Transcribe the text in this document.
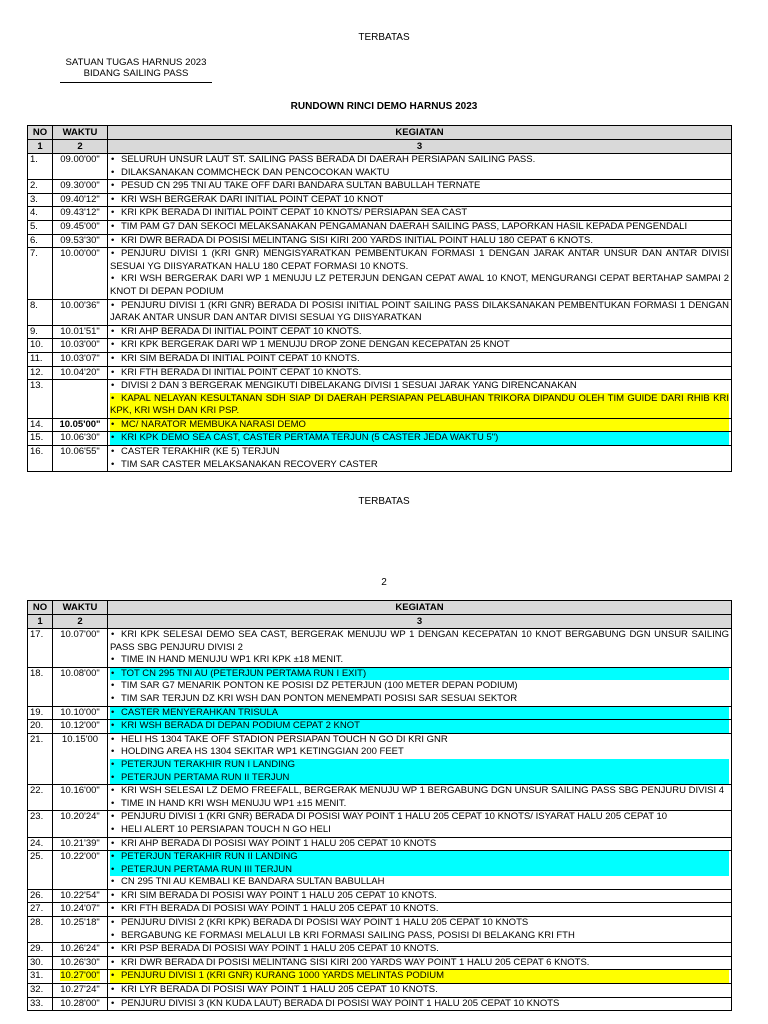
TERBATAS
SATUAN TUGAS HARNUS 2023
BIDANG SAILING PASS
RUNDOWN RINCI DEMO HARNUS 2023
NO	WAKTU	KEGIATAN
1	2	3
1.	09.00'00"	• SELURUH UNSUR LAUT ST. SAILING PASS BERADA DI DAERAH PERSIAPAN SAILING PASS.
• DILAKSANAKAN COMMCHECK DAN PENCOCOKAN WAKTU

2.	09.30'00"	• PESUD CN 295 TNI AU TAKE OFF DARI BANDARA SULTAN BABULLAH TERNATE

3.	09.40'12"	• KRI WSH BERGERAK DARI INITIAL POINT CEPAT 10 KNOT

4.	09.43'12"	• KRI KPK BERADA DI INITIAL POINT CEPAT 10 KNOTS/ PERSIAPAN SEA CAST

5.	09.45'00"	• TIM PAM G7 DAN SEKOCI MELAKSANAKAN PENGAMANAN DAERAH SAILING PASS, LAPORKAN HASIL KEPADA PENGENDALI

6.	09.53'30"	• KRI DWR BERADA DI POSISI MELINTANG SISI KIRI 200 YARDS INITIAL POINT HALU 180 CEPAT 6 KNOTS.

7.	10.00'00"	• PENJURU DIVISI 1 (KRI GNR) MENGISYARATKAN PEMBENTUKAN FORMASI 1 DENGAN JARAK ANTAR UNSUR DAN ANTAR DIVISI SESUAI YG DIISYARATKAN HALU 180 CEPAT FORMASI 10 KNOTS.
• KRI WSH BERGERAK DARI WP 1 MENUJU LZ PETERJUN DENGAN CEPAT AWAL 10 KNOT, MENGURANGI CEPAT BERTAHAP SAMPAI 2 KNOT DI DEPAN PODIUM

8.	10.00'36"	• PENJURU DIVISI 1 (KRI GNR) BERADA DI POSISI INITIAL POINT SAILING PASS DILAKSANAKAN PEMBENTUKAN FORMASI 1 DENGAN JARAK ANTAR UNSUR DAN ANTAR DIVISI SESUAI YG DIISYARATKAN

9.	10.01'51"	• KRI AHP BERADA DI INITIAL POINT CEPAT 10 KNOTS.

10.	10.03'00"	• KRI KPK BERGERAK DARI WP 1 MENUJU DROP ZONE DENGAN KECEPATAN 25 KNOT

11.	10.03'07"	• KRI SIM BERADA DI INITIAL POINT CEPAT 10 KNOTS.

12.	10.04'20"	• KRI FTH BERADA DI INITIAL POINT CEPAT 10 KNOTS.

13.		• DIVISI 2 DAN 3 BERGERAK MENGIKUTI DIBELAKANG DIVISI 1 SESUAI JARAK YANG DIRENCANAKAN
• KAPAL NELAYAN KESULTANAN SDH SIAP DI DAERAH PERSIAPAN PELABUHAN TRIKORA DIPANDU OLEH TIM GUIDE DARI RHIB KRI KPK, KRI WSH DAN KRI PSP.

14.	10.05'00"	• MC/ NARATOR MEMBUKA NARASI DEMO

15.	10.06'30"	• KRI KPK DEMO SEA CAST, CASTER PERTAMA TERJUN (5 CASTER JEDA WAKTU 5")

16.	10.06'55"	• CASTER TERAKHIR (KE 5) TERJUN
• TIM SAR CASTER MELAKSANAKAN RECOVERY CASTER
TERBATAS
2
NO	WAKTU	KEGIATAN
1	2	3
17.	10.07'00"	• KRI KPK SELESAI DEMO SEA CAST, BERGERAK MENUJU WP 1 DENGAN KECEPATAN 10 KNOT BERGABUNG DGN UNSUR SAILING PASS SBG PENJURU DIVISI 2
• TIME IN HAND MENUJU WP1 KRI KPK ±18 MENIT.

18.	10.08'00"	• TOT CN 295 TNI AU (PETERJUN PERTAMA RUN I EXIT)
• TIM SAR G7 MENARIK PONTON KE POSISI DZ PETERJUN (100 METER DEPAN PODIUM)
• TIM SAR TERJUN DZ KRI WSH DAN PONTON MENEMPATI POSISI SAR SESUAI SEKTOR

19.	10.10'00"	• CASTER MENYERAHKAN TRISULA

20.	10.12'00"	• KRI WSH BERADA DI DEPAN PODIUM CEPAT 2 KNOT

21.	10.15'00	• HELI HS 1304 TAKE OFF STADION PERSIAPAN TOUCH N GO DI KRI GNR
• HOLDING AREA HS 1304 SEKITAR WP1 KETINGGIAN 200 FEET
• PETERJUN TERAKHIR RUN I LANDING
• PETERJUN PERTAMA RUN II TERJUN

22.	10.16'00"	• KRI WSH SELESAI LZ DEMO FREEFALL, BERGERAK MENUJU WP 1 BERGABUNG DGN UNSUR SAILING PASS SBG PENJURU DIVISI 4
• TIME IN HAND KRI WSH MENUJU WP1 ±15 MENIT.

23.	10.20'24"	• PENJURU DIVISI 1 (KRI GNR) BERADA DI POSISI WAY POINT 1 HALU 205 CEPAT 10 KNOTS/ ISYARAT HALU 205 CEPAT 10
• HELI ALERT 10 PERSIAPAN TOUCH N GO HELI

24.	10.21'39"	• KRI AHP BERADA DI POSISI WAY POINT 1 HALU 205 CEPAT 10 KNOTS

25.	10.22'00"	• PETERJUN TERAKHIR RUN II LANDING
• PETERJUN PERTAMA RUN III TERJUN
• CN 295 TNI AU KEMBALI KE BANDARA SULTAN BABULLAH

26.	10.22'54"	• KRI SIM BERADA DI POSISI WAY POINT 1 HALU 205 CEPAT 10 KNOTS.

27.	10.24'07"	• KRI FTH BERADA DI POSISI WAY POINT 1 HALU 205 CEPAT 10 KNOTS.

28.	10.25'18"	• PENJURU DIVISI 2 (KRI KPK) BERADA DI POSISI WAY POINT 1 HALU 205 CEPAT 10 KNOTS
• BERGABUNG KE FORMASI MELALUI LB KRI FORMASI SAILING PASS, POSISI DI BELAKANG KRI FTH

29.	10.26'24"	• KRI PSP BERADA DI POSISI WAY POINT 1 HALU 205 CEPAT 10 KNOTS.

30.	10.26'30"	• KRI DWR BERADA DI POSISI MELINTANG SISI KIRI 200 YARDS WAY POINT 1 HALU 205 CEPAT 6 KNOTS.

31.	10.27'00"	• PENJURU DIVISI 1 (KRI GNR) KURANG 1000 YARDS MELINTAS PODIUM

32.	10.27'24"	• KRI LYR BERADA DI POSISI WAY POINT 1 HALU 205 CEPAT 10 KNOTS.

33.	10.28'00"	• PENJURU DIVISI 3 (KN KUDA LAUT) BERADA DI POSISI WAY POINT 1 HALU 205 CEPAT 10 KNOTS
